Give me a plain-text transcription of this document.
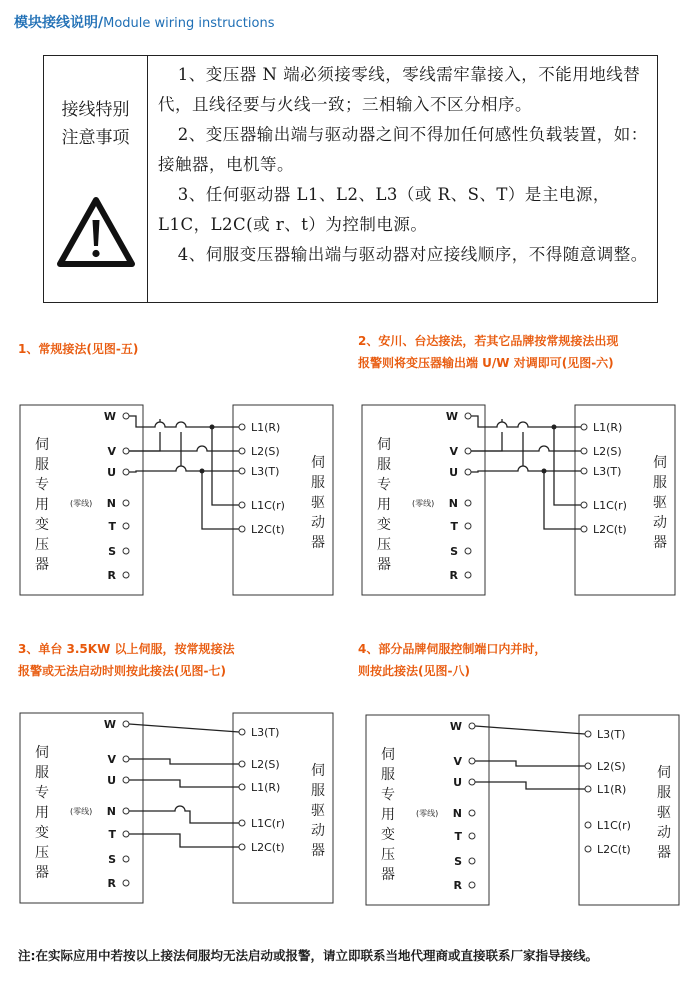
模块接线说明/Module wiring instructions
接线特别
注意事项

1、变压器 N 端必须接零线，零线需牢靠接入，不能用地线替代，且线径要与火线一致；三相输入不区分相序。

2、变压器输出端与驱动器之间不得加任何感性负载装置，如：接触器，电机等。

3、任何驱动器 L1、L2、L3（或 R、S、T）是主电源，L1C，L2C(或 r、t）为控制电源。

4、伺服变压器输出端与驱动器对应接线顺序，不得随意调整。

1、常规接法(见图-五)
2、安川、台达接法，若其它品牌按常规接法出现
报警则将变压器输出端 U/W 对调即可(见图-六)
3、单台 3.5KW 以上伺服，按常规接法
报警或无法启动时则按此接法(见图-七)
4、部分品牌伺服控制端口内并时，
则按此接法(见图-八)
伺
服
专
用
变
压
器
伺
服
驱
动
器
(零线)
W
V
U
N
T
S
R
L1(R)
L2(S)
L3(T)
L1C(r)
L2C(t)
伺
服
专
用
变
压
器
伺
服
驱
动
器
(零线)
W
V
U
N
T
S
R
L1(R)
L2(S)
L3(T)
L1C(r)
L2C(t)
伺
服
专
用
变
压
器
伺
服
驱
动
器
(零线)
W
V
U
N
T
S
R
L3(T)
L2(S)
L1(R)
L1C(r)
L2C(t)
伺
服
专
用
变
压
器
伺
服
驱
动
器
(零线)
W
V
U
N
T
S
R
L3(T)
L2(S)
L1(R)
L1C(r)
L2C(t)
注:在实际应用中若按以上接法伺服均无法启动或报警，请立即联系当地代理商或直接联系厂家指导接线。
